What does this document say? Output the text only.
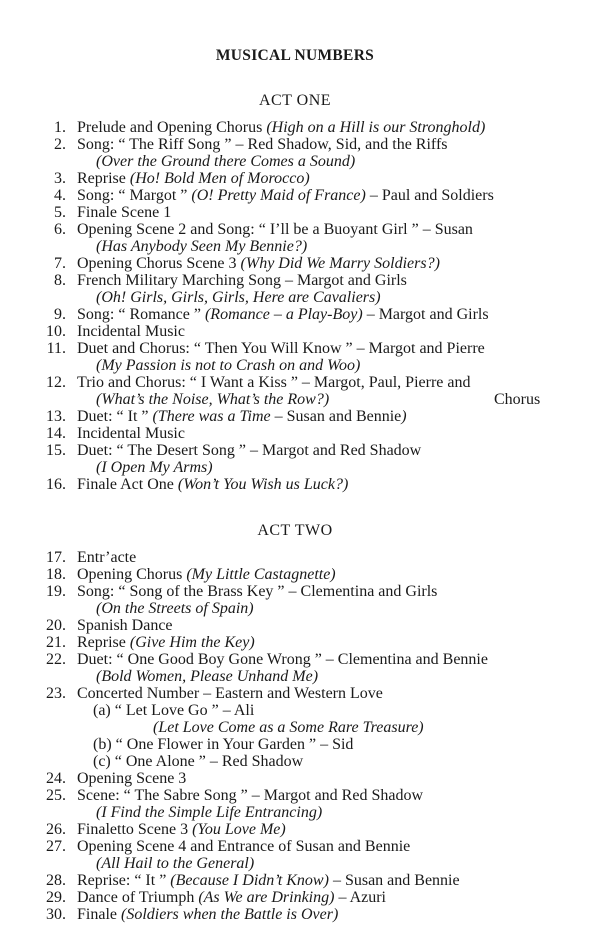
MUSICAL NUMBERS
ACT ONE
1. Prelude and Opening Chorus (High on a Hill is our Stronghold)
2. Song: “ The Riff Song ” – Red Shadow, Sid, and the Riffs
(Over the Ground there Comes a Sound)
3. Reprise (Ho! Bold Men of Morocco)
4. Song: “ Margot ” (O! Pretty Maid of France) – Paul and Soldiers
5. Finale Scene 1
6. Opening Scene 2 and Song: “ I’ll be a Buoyant Girl ” – Susan
(Has Anybody Seen My Bennie?)
7. Opening Chorus Scene 3 (Why Did We Marry Soldiers?)
8. French Military Marching Song – Margot and Girls
(Oh! Girls, Girls, Girls, Here are Cavaliers)
9. Song: “ Romance ” (Romance – a Play-Boy) – Margot and Girls
10. Incidental Music
11. Duet and Chorus: “ Then You Will Know ” – Margot and Pierre
(My Passion is not to Crash on and Woo)
12. Trio and Chorus: “ I Want a Kiss ” – Margot, Paul, Pierre and
(What’s the Noise, What’s the Row?)	Chorus
13. Duet: “ It ” (There was a Time – Susan and Bennie)
14. Incidental Music
15. Duet: “ The Desert Song ” – Margot and Red Shadow
(I Open My Arms)
16. Finale Act One (Won’t You Wish us Luck?)
ACT TWO
17. Entr’acte
18. Opening Chorus (My Little Castagnette)
19. Song: “ Song of the Brass Key ” – Clementina and Girls
(On the Streets of Spain)
20. Spanish Dance
21. Reprise (Give Him the Key)
22. Duet: “ One Good Boy Gone Wrong ” – Clementina and Bennie
(Bold Women, Please Unhand Me)
23. Concerted Number – Eastern and Western Love
(a) “ Let Love Go ” – Ali
(Let Love Come as a Some Rare Treasure)
(b) “ One Flower in Your Garden ” – Sid
(c) “ One Alone ” – Red Shadow
24. Opening Scene 3
25. Scene: “ The Sabre Song ” – Margot and Red Shadow
(I Find the Simple Life Entrancing)
26. Finaletto Scene 3 (You Love Me)
27. Opening Scene 4 and Entrance of Susan and Bennie
(All Hail to the General)
28. Reprise: “ It ” (Because I Didn’t Know) – Susan and Bennie
29. Dance of Triumph (As We are Drinking) – Azuri
30. Finale (Soldiers when the Battle is Over)
